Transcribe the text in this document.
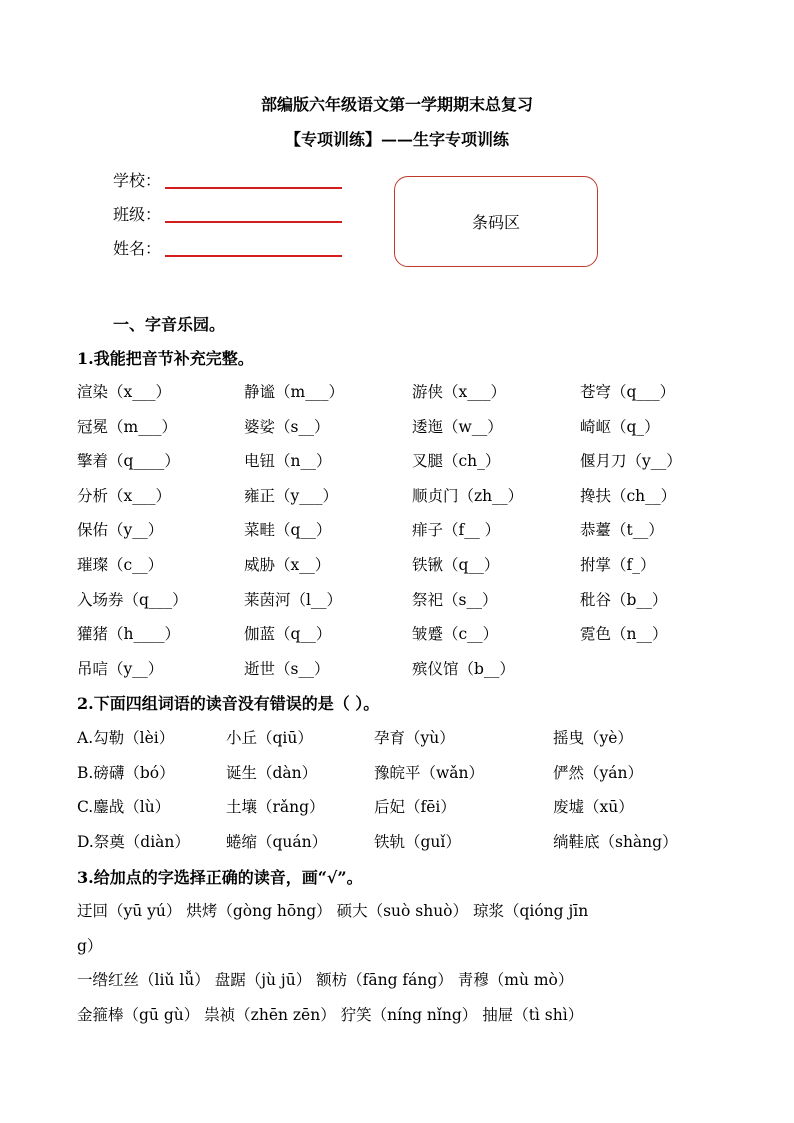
部编版六年级语文第一学期期末总复习
【专项训练】——生字专项训练
学校：
班级：
姓名：
条码区
一、字音乐园。
1.我能把音节补充完整。
渲染（x___）	静谧（m___）	游侠（x___）	苍穹（q___）
冠冕（m___）	婆娑（s__）	逶迤（w__）	崎岖（q_）
擎着（q____）	电钮（n__）	叉腿（ch_）	偃月刀（y__）
分析（x___）	雍正（y___）	顺贞门（zh__）	搀扶（ch__）
保佑（y__）	菜畦（q__）	痱子（f__ ）	恭薹（t__）
璀璨（c__）	威胁（x__）	铁锹（q__）	拊掌（f_）
入场券（q___）	莱茵河（l__）	祭祀（s__）	秕谷（b__）
獾猪（h____）	伽蓝（q__）	皱蹙（c__）	霓色（n__）
吊唁（y__）	逝世（s__）	殡仪馆（b__）
2.下面四组词语的读音没有错误的是（ ）。
A.勾勒（lèi）	小丘（qiū）	孕育（yù）	摇曳（yè）
B.磅礴（bó）	诞生（dàn）	豫皖平（wǎn）	俨然（yán）
C.鏖战（lù）	土壤（rǎng）	后妃（fēi）	废墟（xū）
D.祭奠（diàn） 蜷缩（quán）	铁轨（guǐ）	绱鞋底（shàng）
3.给加点的字选择正确的读音，画“√”。
迂回（yū yú） 烘烤（gòng hōng） 硕大（suò shuò） 琼浆（qióng jīn
g）
一绺红丝（liǔ lǚ） 盘踞（jù jū） 额枋（fāng fáng） 靑穆（mù mò）
金箍棒（gū gù） 祟祯（zhēn zēn） 狞笑（níng nǐng） 抽屉（tì shì）
